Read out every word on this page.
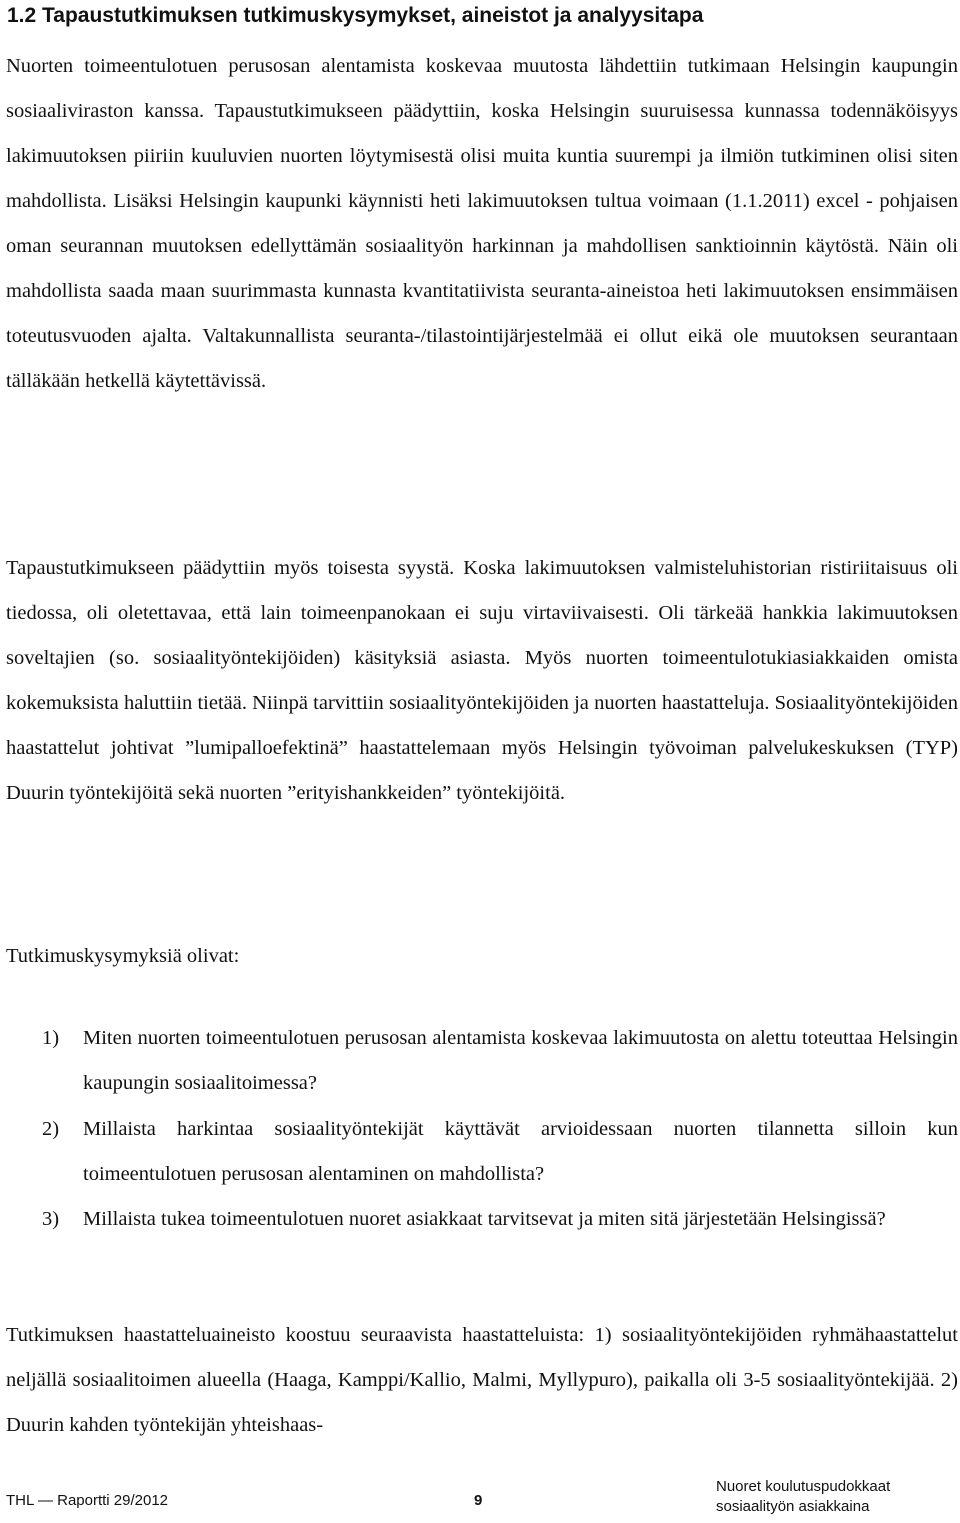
1.2 Tapaustutkimuksen tutkimuskysymykset, aineistot ja analyysitapa

Nuorten toimeentulotuen perusosan alentamista koskevaa muutosta lähdettiin tutkimaan Helsingin kaupungin sosiaaliviraston kanssa. Tapaustutkimukseen päädyttiin, koska Helsingin suuruisessa kunnassa todennäköisyys lakimuutoksen piiriin kuuluvien nuorten löytymisestä olisi muita kuntia suurempi ja ilmiön tutkiminen olisi siten mahdollista. Lisäksi Helsingin kaupunki käynnisti heti lakimuutoksen tultua voimaan (1.1.2011) excel - pohjaisen oman seurannan muutoksen edellyttämän sosiaalityön harkinnan ja mahdollisen sanktioinnin käytöstä. Näin oli mahdollista saada maan suurimmasta kunnasta kvantitatiivista seuranta-aineistoa heti lakimuutoksen ensimmäisen toteutusvuoden ajalta. Valtakunnallista seuranta-/tilastointijärjestelmää ei ollut eikä ole muutoksen seurantaan tälläkään hetkellä käytettävissä.

Tapaustutkimukseen päädyttiin myös toisesta syystä. Koska lakimuutoksen valmisteluhistorian ristiriitaisuus oli tiedossa, oli oletettavaa, että lain toimeenpanokaan ei suju virtaviivaisesti. Oli tärkeää hankkia lakimuutoksen soveltajien (so. sosiaalityöntekijöiden) käsityksiä asiasta. Myös nuorten toimeentulotukiasiakkaiden omista kokemuksista haluttiin tietää. Niinpä tarvittiin sosiaalityöntekijöiden ja nuorten haastatteluja. Sosiaalityöntekijöiden haastattelut johtivat ”lumipalloefektinä” haastattelemaan myös Helsingin työvoiman palvelukeskuksen (TYP) Duurin työntekijöitä sekä nuorten ”erityishankkeiden” työntekijöitä.

Tutkimuskysymyksiä olivat:

1)	Miten nuorten toimeentulotuen perusosan alentamista koskevaa lakimuutosta on alettu toteuttaa Helsingin kaupungin sosiaalitoimessa?

2)	Millaista harkintaa sosiaalityöntekijät käyttävät arvioidessaan nuorten tilannetta silloin kun toimeentulotuen perusosan alentaminen on mahdollista?

3)	Millaista tukea toimeentulotuen nuoret asiakkaat tarvitsevat ja miten sitä järjestetään Helsingissä?

Tutkimuksen haastatteluaineisto koostuu seuraavista haastatteluista: 1) sosiaalityöntekijöiden ryhmähaastattelut neljällä sosiaalitoimen alueella (Haaga, Kamppi/Kallio, Malmi, Myllypuro), paikalla oli 3-5 sosiaalityöntekijää. 2) Duurin kahden työntekijän yhteishaas-

THL — Raportti 29/2012	9
Nuoret koulutuspudokkaat
sosiaalityön asiakkaina
